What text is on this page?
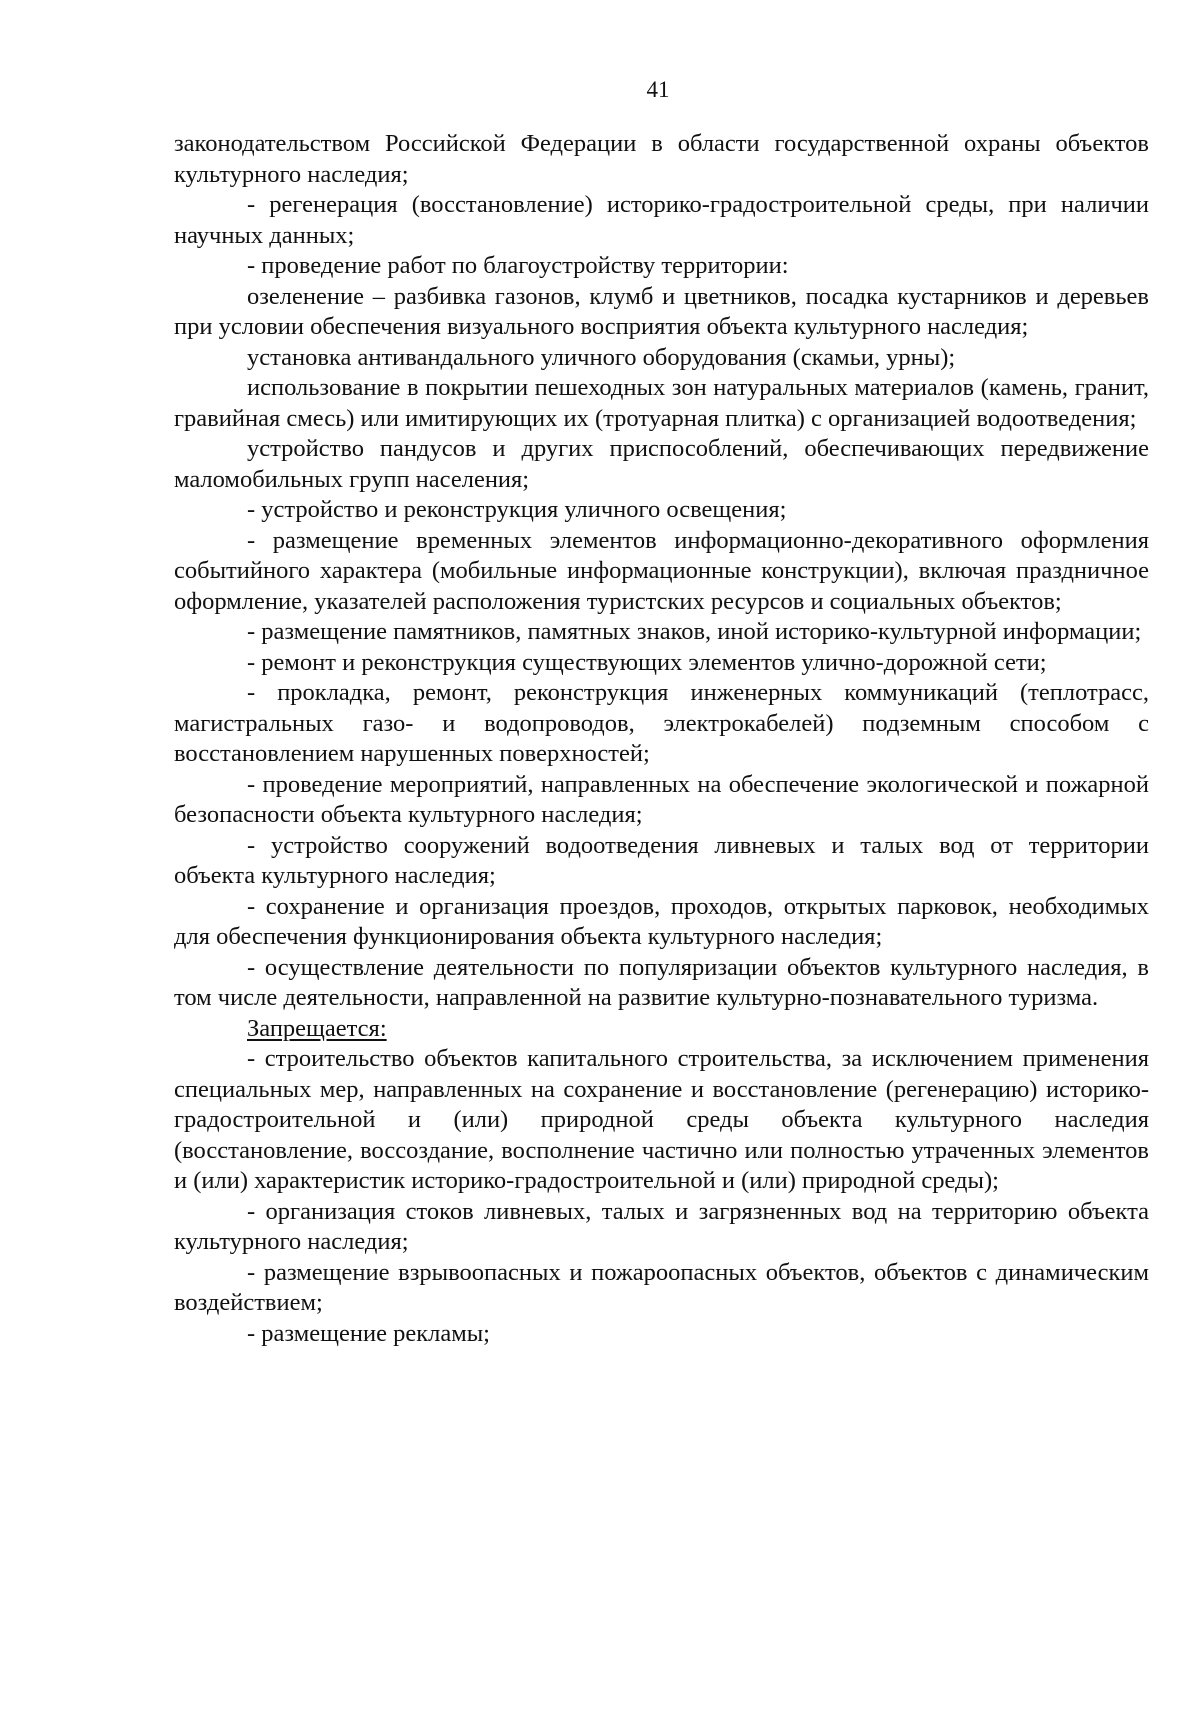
41

законодательством Российской Федерации в области государственной охраны объектов культурного наследия;

- регенерация (восстановление) историко-градостроительной среды, при наличии научных данных;

- проведение работ по благоустройству территории:

озеленение – разбивка газонов, клумб и цветников, посадка кустарников и деревьев при условии обеспечения визуального восприятия объекта культурного наследия;

установка антивандального уличного оборудования (скамьи, урны);

использование в покрытии пешеходных зон натуральных материалов (камень, гранит, гравийная смесь) или имитирующих их (тротуарная плитка) с организацией водоотведения;

устройство пандусов и других приспособлений, обеспечивающих передвижение маломобильных групп населения;

- устройство и реконструкция уличного освещения;

- размещение временных элементов информационно-декоративного оформления событийного характера (мобильные информационные конструкции), включая праздничное оформление, указателей расположения туристских ресурсов и социальных объектов;

- размещение памятников, памятных знаков, иной историко-культурной информации;

- ремонт и реконструкция существующих элементов улично-дорожной сети;

- прокладка, ремонт, реконструкция инженерных коммуникаций (теплотрасс, магистральных газо- и водопроводов, электрокабелей) подземным способом с восстановлением нарушенных поверхностей;

- проведение мероприятий, направленных на обеспечение экологической и пожарной безопасности объекта культурного наследия;

- устройство сооружений водоотведения ливневых и талых вод от территории объекта культурного наследия;

- сохранение и организация проездов, проходов, открытых парковок, необходимых для обеспечения функционирования объекта культурного наследия;

- осуществление деятельности по популяризации объектов культурного наследия, в том числе деятельности, направленной на развитие культурно-познавательного туризма.

Запрещается:

- строительство объектов капитального строительства, за исключением применения специальных мер, направленных на сохранение и восстановление (регенерацию) историко-градостроительной и (или) природной среды объекта культурного наследия (восстановление, воссоздание, восполнение частично или полностью утраченных элементов и (или) характеристик историко-градостроительной и (или) природной среды);

- организация стоков ливневых, талых и загрязненных вод на территорию объекта культурного наследия;

- размещение взрывоопасных и пожароопасных объектов, объектов с динамическим воздействием;

- размещение рекламы;
